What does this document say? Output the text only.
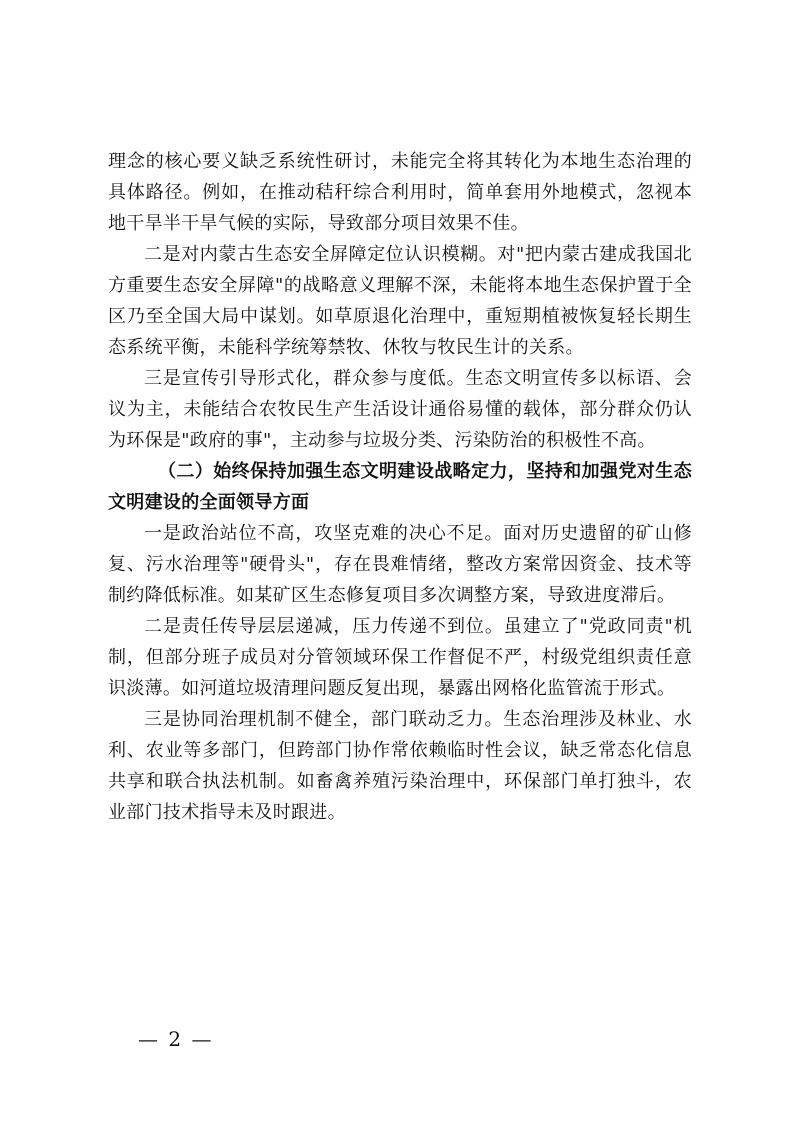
理念的核心要义缺乏系统性研讨，未能完全将其转化为本地生态治理的具体路径。例如，在推动秸秆综合利用时，简单套用外地模式，忽视本地干旱半干旱气候的实际，导致部分项目效果不佳。

二是对内蒙古生态安全屏障定位认识模糊。对"把内蒙古建成我国北方重要生态安全屏障"的战略意义理解不深，未能将本地生态保护置于全区乃至全国大局中谋划。如草原退化治理中，重短期植被恢复轻长期生态系统平衡，未能科学统筹禁牧、休牧与牧民生计的关系。

三是宣传引导形式化，群众参与度低。生态文明宣传多以标语、会议为主，未能结合农牧民生产生活设计通俗易懂的载体，部分群众仍认为环保是"政府的事"，主动参与垃圾分类、污染防治的积极性不高。

（二）始终保持加强生态文明建设战略定力，坚持和加强党对生态文明建设的全面领导方面

一是政治站位不高，攻坚克难的决心不足。面对历史遗留的矿山修复、污水治理等"硬骨头"，存在畏难情绪，整改方案常因资金、技术等制约降低标准。如某矿区生态修复项目多次调整方案，导致进度滞后。

二是责任传导层层递减，压力传递不到位。虽建立了"党政同责"机制，但部分班子成员对分管领域环保工作督促不严，村级党组织责任意识淡薄。如河道垃圾清理问题反复出现，暴露出网格化监管流于形式。

三是协同治理机制不健全，部门联动乏力。生态治理涉及林业、水利、农业等多部门，但跨部门协作常依赖临时性会议，缺乏常态化信息共享和联合执法机制。如畜禽养殖污染治理中，环保部门单打独斗，农业部门技术指导未及时跟进。

— 2 —
